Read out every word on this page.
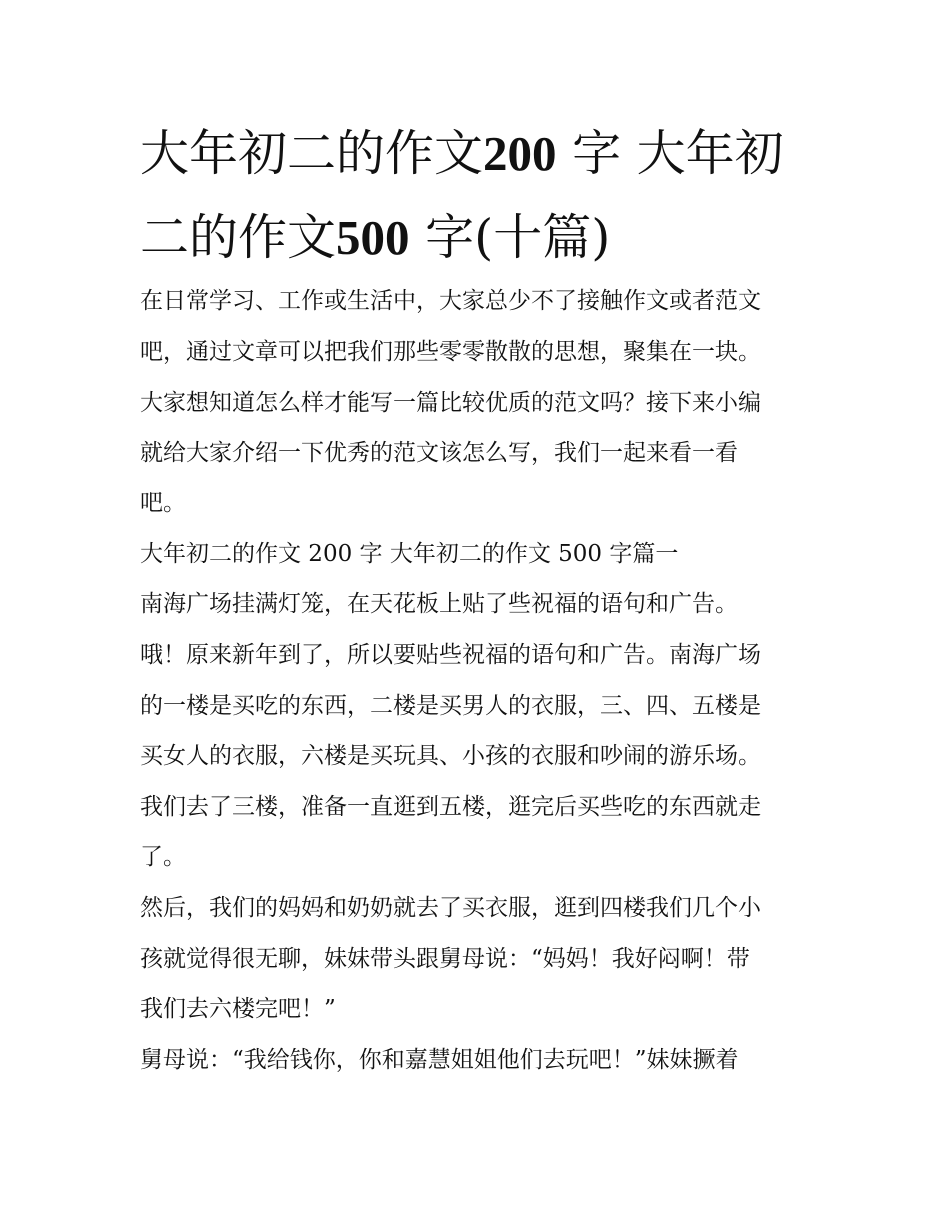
大年初二的作文200 字 大年初
二的作文500 字(十篇)

在日常学习、工作或生活中，大家总少不了接触作文或者范文

吧，通过文章可以把我们那些零零散散的思想，聚集在一块。

大家想知道怎么样才能写一篇比较优质的范文吗？接下来小编

就给大家介绍一下优秀的范文该怎么写，我们一起来看一看

吧。

大年初二的作文 200 字 大年初二的作文 500 字篇一

南海广场挂满灯笼，在天花板上贴了些祝福的语句和广告。

哦！原来新年到了，所以要贴些祝福的语句和广告。南海广场

的一楼是买吃的东西，二楼是买男人的衣服，三、四、五楼是

买女人的衣服，六楼是买玩具、小孩的衣服和吵闹的游乐场。

我们去了三楼，准备一直逛到五楼，逛完后买些吃的东西就走

了。

然后，我们的妈妈和奶奶就去了买衣服，逛到四楼我们几个小

孩就觉得很无聊，妹妹带头跟舅母说：“妈妈！我好闷啊！带

我们去六楼完吧！”

舅母说：“我给钱你，你和嘉慧姐姐他们去玩吧！”妹妹撅着
